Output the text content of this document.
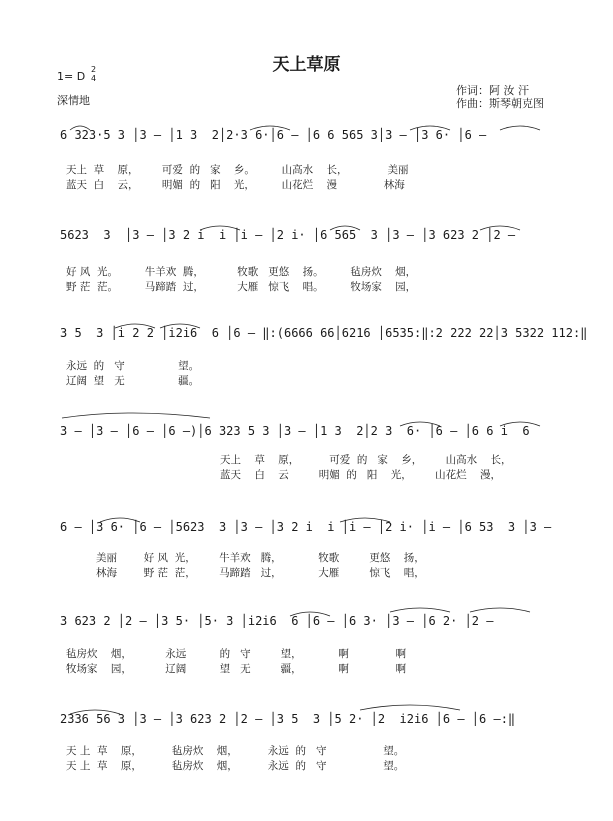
天上草原
1= D
2
4
深情地
作词：阿 汝 汗
作曲：斯琴朝克图
6 323·5 3 │3 – │1 3  2│2·3 6·│6 – │6 6 565 3│3 – │3 6· │6 –
天上  草    原，       可爱  的   家    乡。        山高水    长，            美丽
蓝天  白    云，       明媚  的   阳    光，        山花烂    漫              林海
5623  3  │3 – │3 2 i  i │i – │2 i· │6 565  3 │3 – │3 623 2 │2 –
好 风  光。        牛羊欢  腾，          牧歌   更悠    扬。        毡房炊    烟，
野 茫  茫。        马蹄踏  过，          大雁   惊飞    唱。        牧场家    园，
3 5  3 │i 2 2 │i2i6  6 │6 – ‖:(6666 66│6216 │6535:‖:2 222 22│3 5322 112:‖
永远  的   守                望。
辽阔  望   无                疆。
3 – │3 – │6 – │6 –)│6 323 5 3 │3 – │1 3  2│2 3  6· │6 – │6 6 i  6
天上    草    原，         可爱  的   家    乡，       山高水    长，
蓝天    白    云         明媚  的   阳    光，       山花烂    漫，
6 – │3 6· │6 – │5623  3 │3 – │3 2 i  i │i – │2 i· │i – │6 53  3 │3 –
美丽        好 风  光，       牛羊欢   腾，           牧歌         更悠    扬，
林海        野 茫  茫，       马蹄踏   过，           大雁         惊飞    唱，
3 623 2 │2 – │3 5· │5· 3 │i2i6  6 │6 – │6 3· │3 – │6 2· │2 –
毡房炊    烟，          永远          的   守         望，           啊              啊
牧场家    园，          辽阔          望   无         疆，           啊              啊
2336 56 3 │3 – │3 623 2 │2 – │3 5  3 │5 2· │2  i2i6 │6 – │6 –:‖
天 上  草    原，         毡房炊    烟，         永远  的   守                 望。
天 上  草    原，         毡房炊    烟，         永远  的   守                 望。
